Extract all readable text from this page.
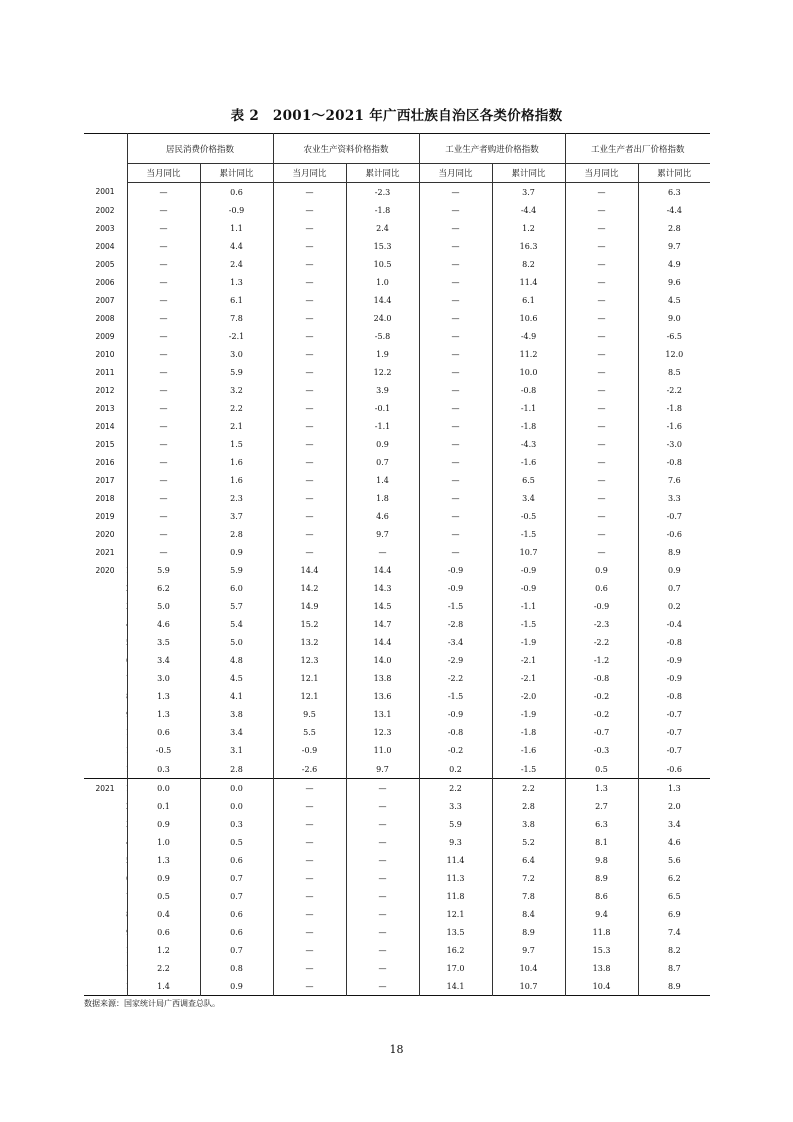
表 2　2001～2021 年广西壮族自治区各类价格指数
	居民消费价格指数		农业生产资料价格指数		工业生产者购进价格指数		工业生产者出厂价格指数	
	当月同比	累计同比	当月同比	累计同比	当月同比	累计同比	当月同比	累计同比
2001		—	0.6	—	-2.3	—	3.7	—	6.3
2002		—	-0.9	—	-1.8	—	-4.4	—	-4.4
2003		—	1.1	—	2.4	—	1.2	—	2.8
2004		—	4.4	—	15.3	—	16.3	—	9.7
2005		—	2.4	—	10.5	—	8.2	—	4.9
2006		—	1.3	—	1.0	—	11.4	—	9.6
2007		—	6.1	—	14.4	—	6.1	—	4.5
2008		—	7.8	—	24.0	—	10.6	—	9.0
2009		—	-2.1	—	-5.8	—	-4.9	—	-6.5
2010		—	3.0	—	1.9	—	11.2	—	12.0
2011		—	5.9	—	12.2	—	10.0	—	8.5
2012		—	3.2	—	3.9	—	-0.8	—	-2.2
2013		—	2.2	—	-0.1	—	-1.1	—	-1.8
2014		—	2.1	—	-1.1	—	-1.8	—	-1.6
2015		—	1.5	—	0.9	—	-4.3	—	-3.0
2016		—	1.6	—	0.7	—	-1.6	—	-0.8
2017		—	1.6	—	1.4	—	6.5	—	7.6
2018		—	2.3	—	1.8	—	3.4	—	3.3
2019		—	3.7	—	4.6	—	-0.5	—	-0.7
2020		—	2.8	—	9.7	—	-1.5	—	-0.6
2021		—	0.9	—	—	—	10.7	—	8.9
2020		5.9	5.9	14.4	14.4	-0.9	-0.9	0.9	0.9
		6.2	6.0	14.2	14.3	-0.9	-0.9	0.6	0.7
		5.0	5.7	14.9	14.5	-1.5	-1.1	-0.9	0.2
		4.6	5.4	15.2	14.7	-2.8	-1.5	-2.3	-0.4
		3.5	5.0	13.2	14.4	-3.4	-1.9	-2.2	-0.8
		3.4	4.8	12.3	14.0	-2.9	-2.1	-1.2	-0.9
		3.0	4.5	12.1	13.8	-2.2	-2.1	-0.8	-0.9
		1.3	4.1	12.1	13.6	-1.5	-2.0	-0.2	-0.8
		1.3	3.8	9.5	13.1	-0.9	-1.9	-0.2	-0.7
		0.6	3.4	5.5	12.3	-0.8	-1.8	-0.7	-0.7
		-0.5	3.1	-0.9	11.0	-0.2	-1.6	-0.3	-0.7
		0.3	2.8	-2.6	9.7	0.2	-1.5	0.5	-0.6
2021		0.0	0.0	—	—	2.2	2.2	1.3	1.3
		0.1	0.0	—	—	3.3	2.8	2.7	2.0
		0.9	0.3	—	—	5.9	3.8	6.3	3.4
		1.0	0.5	—	—	9.3	5.2	8.1	4.6
		1.3	0.6	—	—	11.4	6.4	9.8	5.6
		0.9	0.7	—	—	11.3	7.2	8.9	6.2
		0.5	0.7	—	—	11.8	7.8	8.6	6.5
		0.4	0.6	—	—	12.1	8.4	9.4	6.9
		0.6	0.6	—	—	13.5	8.9	11.8	7.4
		1.2	0.7	—	—	16.2	9.7	15.3	8.2
		2.2	0.8	—	—	17.0	10.4	13.8	8.7
		1.4	0.9	—	—	14.1	10.7	10.4	8.9
数据来源：国家统计局广西调查总队。
18
